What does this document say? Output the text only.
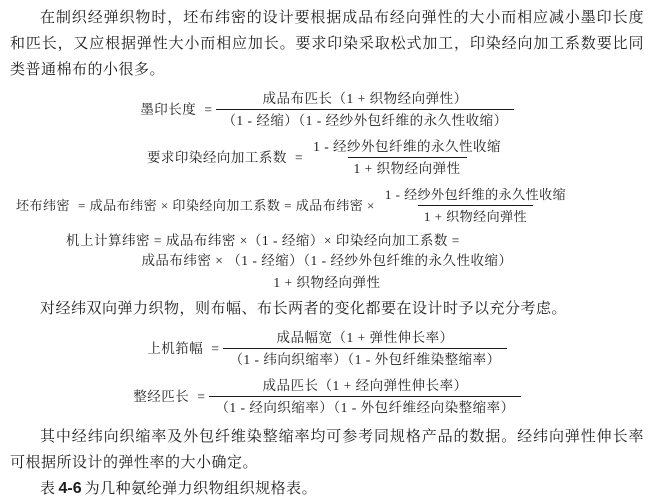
在制织经弹织物时，坯布纬密的设计要根据成品布经向弹性的大小而相应减小墨印长度和匹长，又应根据弹性大小而相应加长。要求印染采取松式加工，印染经向加工系数要比同类普通棉布的小很多。

墨印长度 = $\frac{\text{成品布匹长（1 + 织物经向弹性）}}{\text{（1 - 经缩）（1 - 经纱外包纤维的永久性收缩）}}$
要求印染经向加工系数 = $\frac{\text{1 - 经纱外包纤维的永久性收缩}}{\text{1 + 织物经向弹性}}$
坯布纬密 = 成品布纬密 × 印染经向加工系数 = 成品布纬密 × $\frac{\text{1 - 经纱外包纤维的永久性收缩}}{\text{1 + 织物经向弹性}}$
机上计算纬密 = 成品布纬密 ×（1 - 经缩）× 印染经向加工系数 =
成品布纬密 × （1 - 经缩）（1 - 经纱外包纤维的永久性收缩）
1 + 织物经向弹性

对经纬双向弹力织物，则布幅、布长两者的变化都要在设计时予以充分考虑。

上机筘幅 = $\frac{\text{成品幅宽（1 + 弹性伸长率）}}{\text{（1 - 纬向织缩率）（1 - 外包纤维染整缩率）}}$
整经匹长 = $\frac{\text{成品匹长（1 + 经向弹性伸长率）}}{\text{（1 - 经向织缩率）（1 - 外包纤维经向染整缩率）}}$

其中经纬向织缩率及外包纤维染整缩率均可参考同规格产品的数据。经纬向弹性伸长率可根据所设计的弹性率的大小确定。

表 4-6 为几种氨纶弹力织物组织规格表。
